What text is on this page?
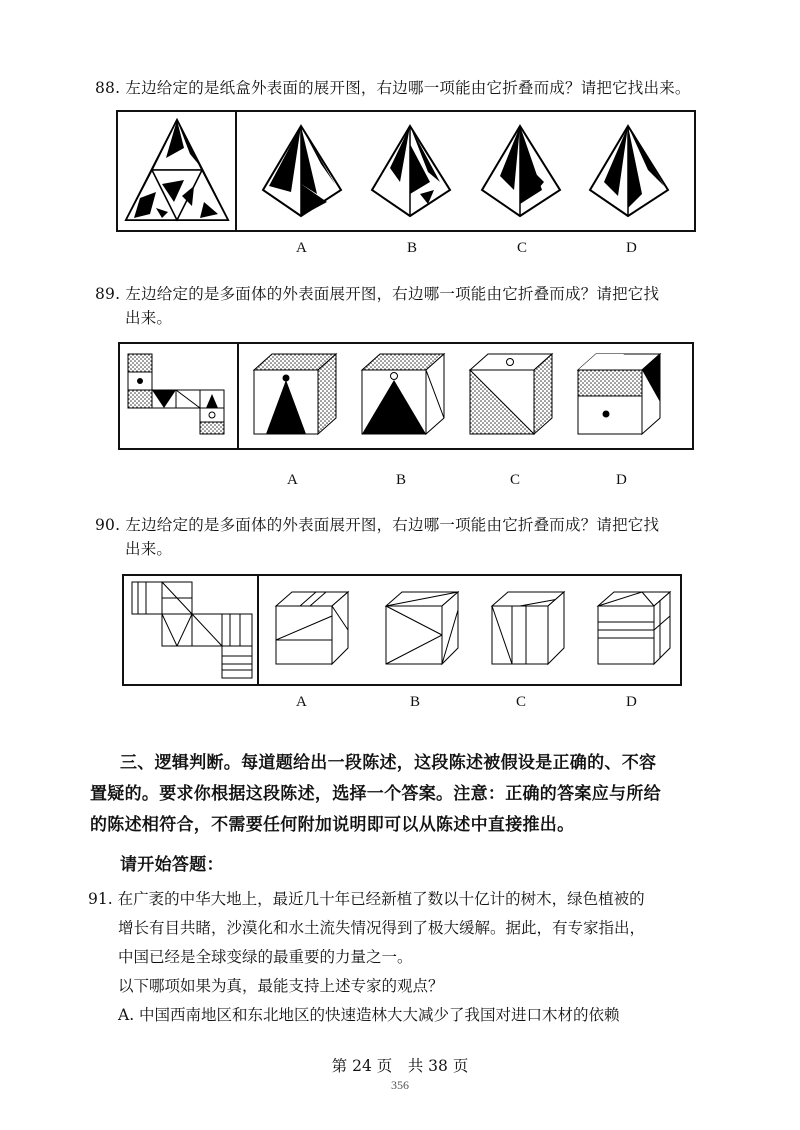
88. 左边给定的是纸盒外表面的展开图，右边哪一项能由它折叠而成？请把它找出来。
A	B	C	D
89. 左边给定的是多面体的外表面展开图，右边哪一项能由它折叠而成？请把它找
出来。
A	B	C	D
90. 左边给定的是多面体的外表面展开图，右边哪一项能由它折叠而成？请把它找
出来。
A	B	C	D
三、逻辑判断。每道题给出一段陈述，这段陈述被假设是正确的、不容
置疑的。要求你根据这段陈述，选择一个答案。注意：正确的答案应与所给
的陈述相符合，不需要任何附加说明即可以从陈述中直接推出。
请开始答题：
91. 在广袤的中华大地上，最近几十年已经新植了数以十亿计的树木，绿色植被的
增长有目共睹，沙漠化和水土流失情况得到了极大缓解。据此，有专家指出，
中国已经是全球变绿的最重要的力量之一。
以下哪项如果为真，最能支持上述专家的观点？
A. 中国西南地区和东北地区的快速造林大大减少了我国对进口木材的依赖
第 24 页　共 38 页
356
